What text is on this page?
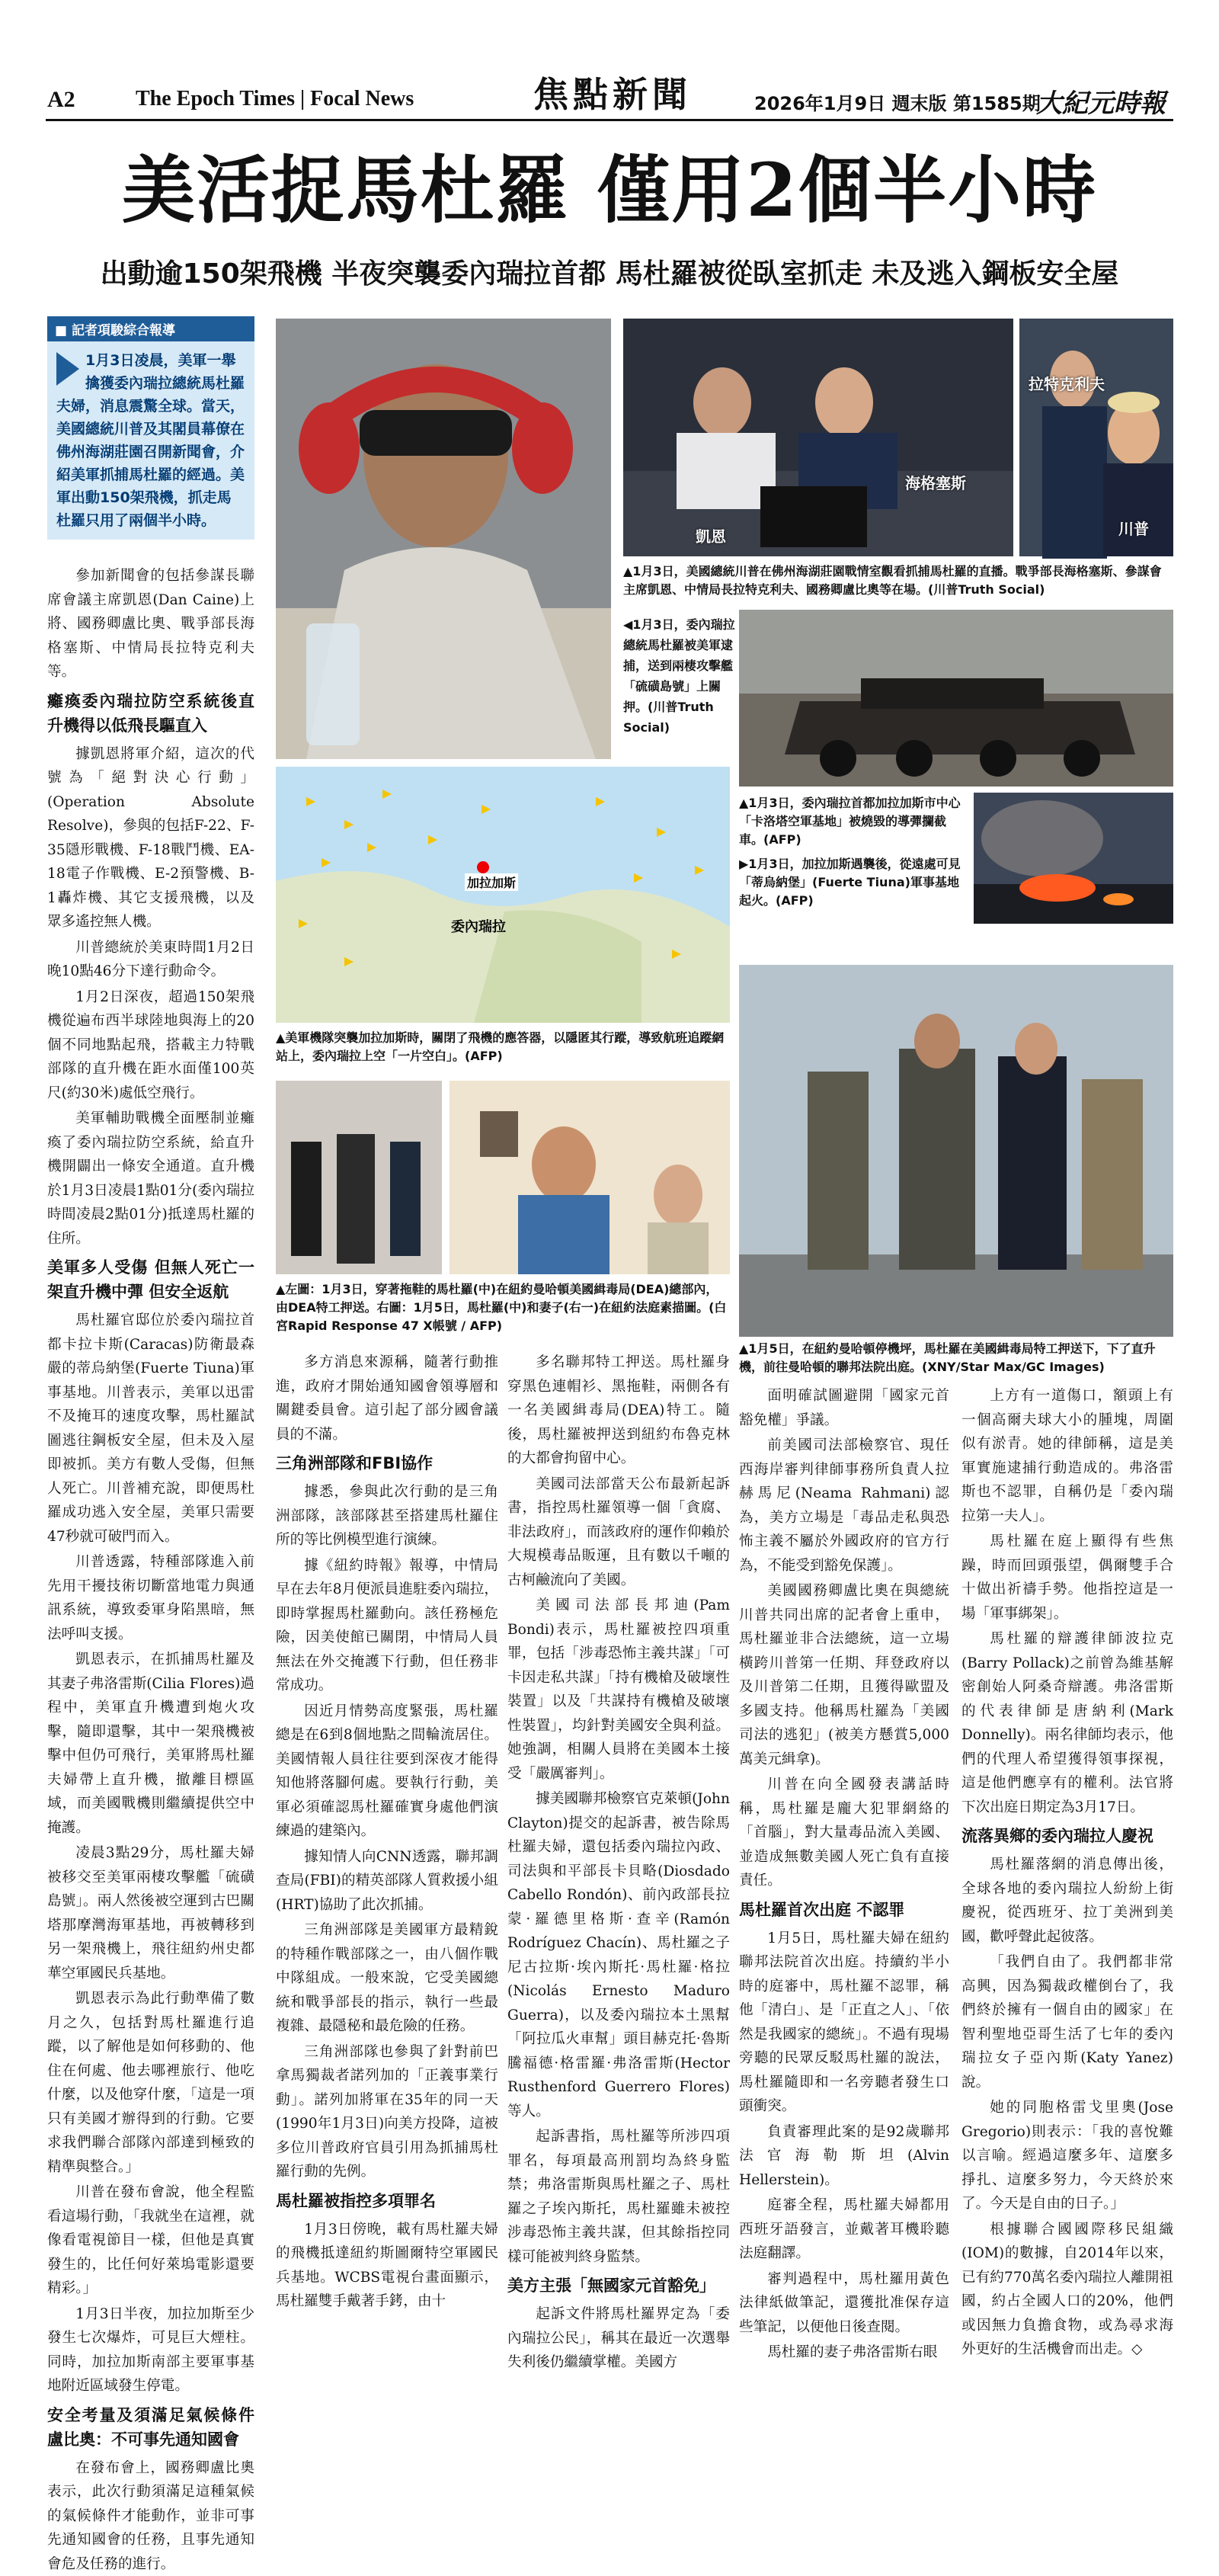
A2	The Epoch Times | Focal News	焦點新聞	2026年1月9日 週末版 第1585期
大紀元時報
美活捉馬杜羅 僅用2個半小時
出動逾150架飛機 半夜突襲委內瑞拉首都 馬杜羅被從臥室抓走 未及逃入鋼板安全屋
■ 記者項駿綜合報導
1月3日凌晨，美軍一舉擒獲委內瑞拉總統馬杜羅夫婦，消息震驚全球。當天，美國總統川普及其閣員幕僚在佛州海湖莊園召開新聞會，介紹美軍抓捕馬杜羅的經過。美軍出動150架飛機，抓走馬杜羅只用了兩個半小時。

參加新聞會的包括參謀長聯席會議主席凱恩(Dan Caine)上將、國務卿盧比奧、戰爭部長海格塞斯、中情局長拉特克利夫等。

癱瘓委內瑞拉防空系統後直升機得以低飛長驅直入

據凱恩將軍介紹，這次的代號為「絕對決心行動」(Operation Absolute Resolve)，參與的包括F-22、F-35隱形戰機、F-18戰鬥機、EA-18電子作戰機、E-2預警機、B-1轟炸機、其它支援飛機，以及眾多遙控無人機。

川普總統於美東時間1月2日晚10點46分下達行動命令。

1月2日深夜，超過150架飛機從遍布西半球陸地與海上的20個不同地點起飛，搭載主力特戰部隊的直升機在距水面僅100英尺(約30米)處低空飛行。

美軍輔助戰機全面壓制並癱瘓了委內瑞拉防空系統，給直升機開闢出一條安全通道。直升機於1月3日凌晨1點01分(委內瑞拉時間凌晨2點01分)抵達馬杜羅的住所。

美軍多人受傷 但無人死亡一架直升機中彈 但安全返航

馬杜羅官邸位於委內瑞拉首都卡拉卡斯(Caracas)防衛最森嚴的蒂烏納堡(Fuerte Tiuna)軍事基地。川普表示，美軍以迅雷不及掩耳的速度攻擊，馬杜羅試圖逃往鋼板安全屋，但未及入屋即被抓。美方有數人受傷，但無人死亡。川普補充說，即便馬杜羅成功逃入安全屋，美軍只需要47秒就可破門而入。

川普透露，特種部隊進入前先用干擾技術切斷當地電力與通訊系統，導致委軍身陷黑暗，無法呼叫支援。

凱恩表示，在抓捕馬杜羅及其妻子弗洛雷斯(Cilia Flores)過程中，美軍直升機遭到炮火攻擊，隨即還擊，其中一架飛機被擊中但仍可飛行，美軍將馬杜羅夫婦帶上直升機，撤離目標區域，而美國戰機則繼續提供空中掩護。

凌晨3點29分，馬杜羅夫婦被移交至美軍兩棲攻擊艦「硫磺島號」。兩人然後被空運到古巴關塔那摩灣海軍基地，再被轉移到另一架飛機上，飛往紐約州史都華空軍國民兵基地。

凱恩表示為此行動準備了數月之久，包括對馬杜羅進行追蹤，以了解他是如何移動的、他住在何處、他去哪裡旅行、他吃什麼，以及他穿什麼，「這是一項只有美國才辦得到的行動。它要求我們聯合部隊內部達到極致的精準與整合。」

川普在發布會說，他全程監看這場行動，「我就坐在這裡，就像看電視節目一樣，但他是真實發生的，比任何好萊塢電影還要精彩。」

1月3日半夜，加拉加斯至少發生七次爆炸，可見巨大煙柱。同時，加拉加斯南部主要軍事基地附近區域發生停電。

安全考量及須滿足氣候條件盧比奧：不可事先通知國會

在發布會上，國務卿盧比奧表示，此次行動須滿足這種氣候的氣候條件才能動作，並非可事先通知國會的任務，且事先通知會危及任務的進行。

凱恩
海格塞斯
拉特克利夫
川普
▲1月3日，美國總統川普在佛州海湖莊園戰情室觀看抓捕馬杜羅的直播。戰爭部長海格塞斯、參謀會主席凱恩、中情局長拉特克利夫、國務卿盧比奧等在場。(川普Truth Social)
◀1月3日，委內瑞拉總統馬杜羅被美軍逮捕，送到兩棲攻擊艦「硫磺島號」上關押。(川普Truth Social)
▲1月3日，委內瑞拉首都加拉加斯市中心「卡洛塔空軍基地」被燒毀的導彈攔截車。(AFP)
▶1月3日，加拉加斯遇襲後，從遠處可見「蒂烏納堡」(Fuerte Tiuna)軍事基地起火。(AFP)
加拉加斯
委內瑞拉
▲美軍機隊突襲加拉加斯時，關閉了飛機的應答器，以隱匿其行蹤，導致航班追蹤網站上，委內瑞拉上空「一片空白」。(AFP)
▲左圖：1月3日，穿著拖鞋的馬杜羅(中)在紐約曼哈頓美國緝毒局(DEA)總部內，由DEA特工押送。右圖：1月5日，馬杜羅(中)和妻子(右一)在紐約法庭素描圖。(白宮Rapid Response 47 X帳號 / AFP)
▲1月5日，在紐約曼哈頓停機坪，馬杜羅在美國緝毒局特工押送下，下了直升機，前往曼哈頓的聯邦法院出庭。(XNY/Star Max/GC Images)

多方消息來源稱，隨著行動推進，政府才開始通知國會領導層和關鍵委員會。這引起了部分國會議員的不滿。

三角洲部隊和FBI協作

據悉，參與此次行動的是三角洲部隊，該部隊甚至搭建馬杜羅住所的等比例模型進行演練。

據《紐約時報》報導，中情局早在去年8月便派員進駐委內瑞拉，即時掌握馬杜羅動向。該任務極危險，因美使館已關閉，中情局人員無法在外交掩護下行動，但任務非常成功。

因近月情勢高度緊張，馬杜羅總是在6到8個地點之間輪流居住。美國情報人員往往要到深夜才能得知他將落腳何處。要執行行動，美軍必須確認馬杜羅確實身處他們演練過的建築內。

據知情人向CNN透露，聯邦調查局(FBI)的精英部隊人質救援小組(HRT)協助了此次抓捕。

三角洲部隊是美國軍方最精銳的特種作戰部隊之一，由八個作戰中隊組成。一般來說，它受美國總統和戰爭部長的指示，執行一些最複雜、最隱秘和最危險的任務。

三角洲部隊也參與了針對前巴拿馬獨裁者諾列加的「正義事業行動」。諾列加將軍在35年的同一天(1990年1月3日)向美方投降，這被多位川普政府官員引用為抓捕馬杜羅行動的先例。

馬杜羅被指控多項罪名

1月3日傍晚，載有馬杜羅夫婦的飛機抵達紐約斯圖爾特空軍國民兵基地。WCBS電視台畫面顯示，馬杜羅雙手戴著手銬，由十

多名聯邦特工押送。馬杜羅身穿黑色連帽衫、黑拖鞋，兩側各有一名美國緝毒局(DEA)特工。隨後，馬杜羅被押送到紐約布魯克林的大都會拘留中心。

美國司法部當天公布最新起訴書，指控馬杜羅領導一個「貪腐、非法政府」，而該政府的運作仰賴於大規模毒品販運，且有數以千噸的古柯鹼流向了美國。

美國司法部長邦迪(Pam Bondi)表示，馬杜羅被控四項重罪，包括「涉毒恐怖主義共謀」「可卡因走私共謀」「持有機槍及破壞性裝置」以及「共謀持有機槍及破壞性裝置」，均針對美國安全與利益。她強調，相關人員將在美國本土接受「嚴厲審判」。

據美國聯邦檢察官克萊頓(John Clayton)提交的起訴書，被告除馬杜羅夫婦，還包括委內瑞拉內政、司法與和平部長卡貝略(Diosdado Cabello Rondón)、前內政部長拉蒙·羅德里格斯·查辛(Ramón Rodríguez Chacín)、馬杜羅之子尼古拉斯·埃內斯托·馬杜羅·格拉(Nicolás Ernesto Maduro Guerra)，以及委內瑞拉本土黑幫「阿拉瓜火車幫」頭目赫克托·魯斯騰福德·格雷羅·弗洛雷斯(Hector Rusthenford Guerrero Flores)等人。

起訴書指，馬杜羅等所涉四項罪名，每項最高刑罰均為終身監禁；弗洛雷斯與馬杜羅之子、馬杜羅之子埃內斯托，馬杜羅雖未被控涉毒恐怖主義共謀，但其餘指控同樣可能被判終身監禁。

美方主張「無國家元首豁免」

起訴文件將馬杜羅界定為「委內瑞拉公民」，稱其在最近一次選舉失利後仍繼續掌權。美國方

面明確試圖避開「國家元首豁免權」爭議。

前美國司法部檢察官、現任西海岸審判律師事務所負責人拉赫馬尼(Neama Rahmani)認為，美方立場是「毒品走私與恐怖主義不屬於外國政府的官方行為，不能受到豁免保護」。

美國國務卿盧比奧在與總統川普共同出席的記者會上重申，馬杜羅並非合法總統，這一立場橫跨川普第一任期、拜登政府以及川普第二任期，且獲得歐盟及多國支持。他稱馬杜羅為「美國司法的逃犯」(被美方懸賞5,000萬美元緝拿)。

川普在向全國發表講話時稱，馬杜羅是龐大犯罪網絡的「首腦」，對大量毒品流入美國、並造成無數美國人死亡負有直接責任。

馬杜羅首次出庭 不認罪

1月5日，馬杜羅夫婦在紐約聯邦法院首次出庭。持續約半小時的庭審中，馬杜羅不認罪，稱他「清白」、是「正直之人」、「依然是我國家的總統」。不過有現場旁聽的民眾反駁馬杜羅的說法，馬杜羅隨即和一名旁聽者發生口頭衝突。

負責審理此案的是92歲聯邦法官海勒斯坦(Alvin Hellerstein)。

庭審全程，馬杜羅夫婦都用西班牙語發言，並戴著耳機聆聽法庭翻譯。

審判過程中，馬杜羅用黃色法律紙做筆記，還獲批准保存這些筆記，以便他日後查閱。

馬杜羅的妻子弗洛雷斯右眼

上方有一道傷口，額頭上有一個高爾夫球大小的腫塊，周圍似有淤青。她的律師稱，這是美軍實施逮捕行動造成的。弗洛雷斯也不認罪，自稱仍是「委內瑞拉第一夫人」。

馬杜羅在庭上顯得有些焦躁，時而回頭張望，偶爾雙手合十做出祈禱手勢。他指控這是一場「軍事綁架」。

馬杜羅的辯護律師波拉克(Barry Pollack)之前曾為維基解密創始人阿桑奇辯護。弗洛雷斯的代表律師是唐納利(Mark Donnelly)。兩名律師均表示，他們的代理人希望獲得領事探視，這是他們應享有的權利。法官將下次出庭日期定為3月17日。

流落異鄉的委內瑞拉人慶祝

馬杜羅落網的消息傳出後，全球各地的委內瑞拉人紛紛上街慶祝，從西班牙、拉丁美洲到美國，歡呼聲此起彼落。

「我們自由了。我們都非常高興，因為獨裁政權倒台了，我們終於擁有一個自由的國家」在智利聖地亞哥生活了七年的委內瑞拉女子亞內斯(Katy Yanez)說。

她的同胞格雷戈里奧(Jose Gregorio)則表示：「我的喜悅難以言喻。經過這麼多年、這麼多掙扎、這麼多努力，今天終於來了。今天是自由的日子。」

根據聯合國國際移民組織(IOM)的數據，自2014年以來，已有約770萬名委內瑞拉人離開祖國，約占全國人口的20%，他們或因無力負擔食物，或為尋求海外更好的生活機會而出走。◇
